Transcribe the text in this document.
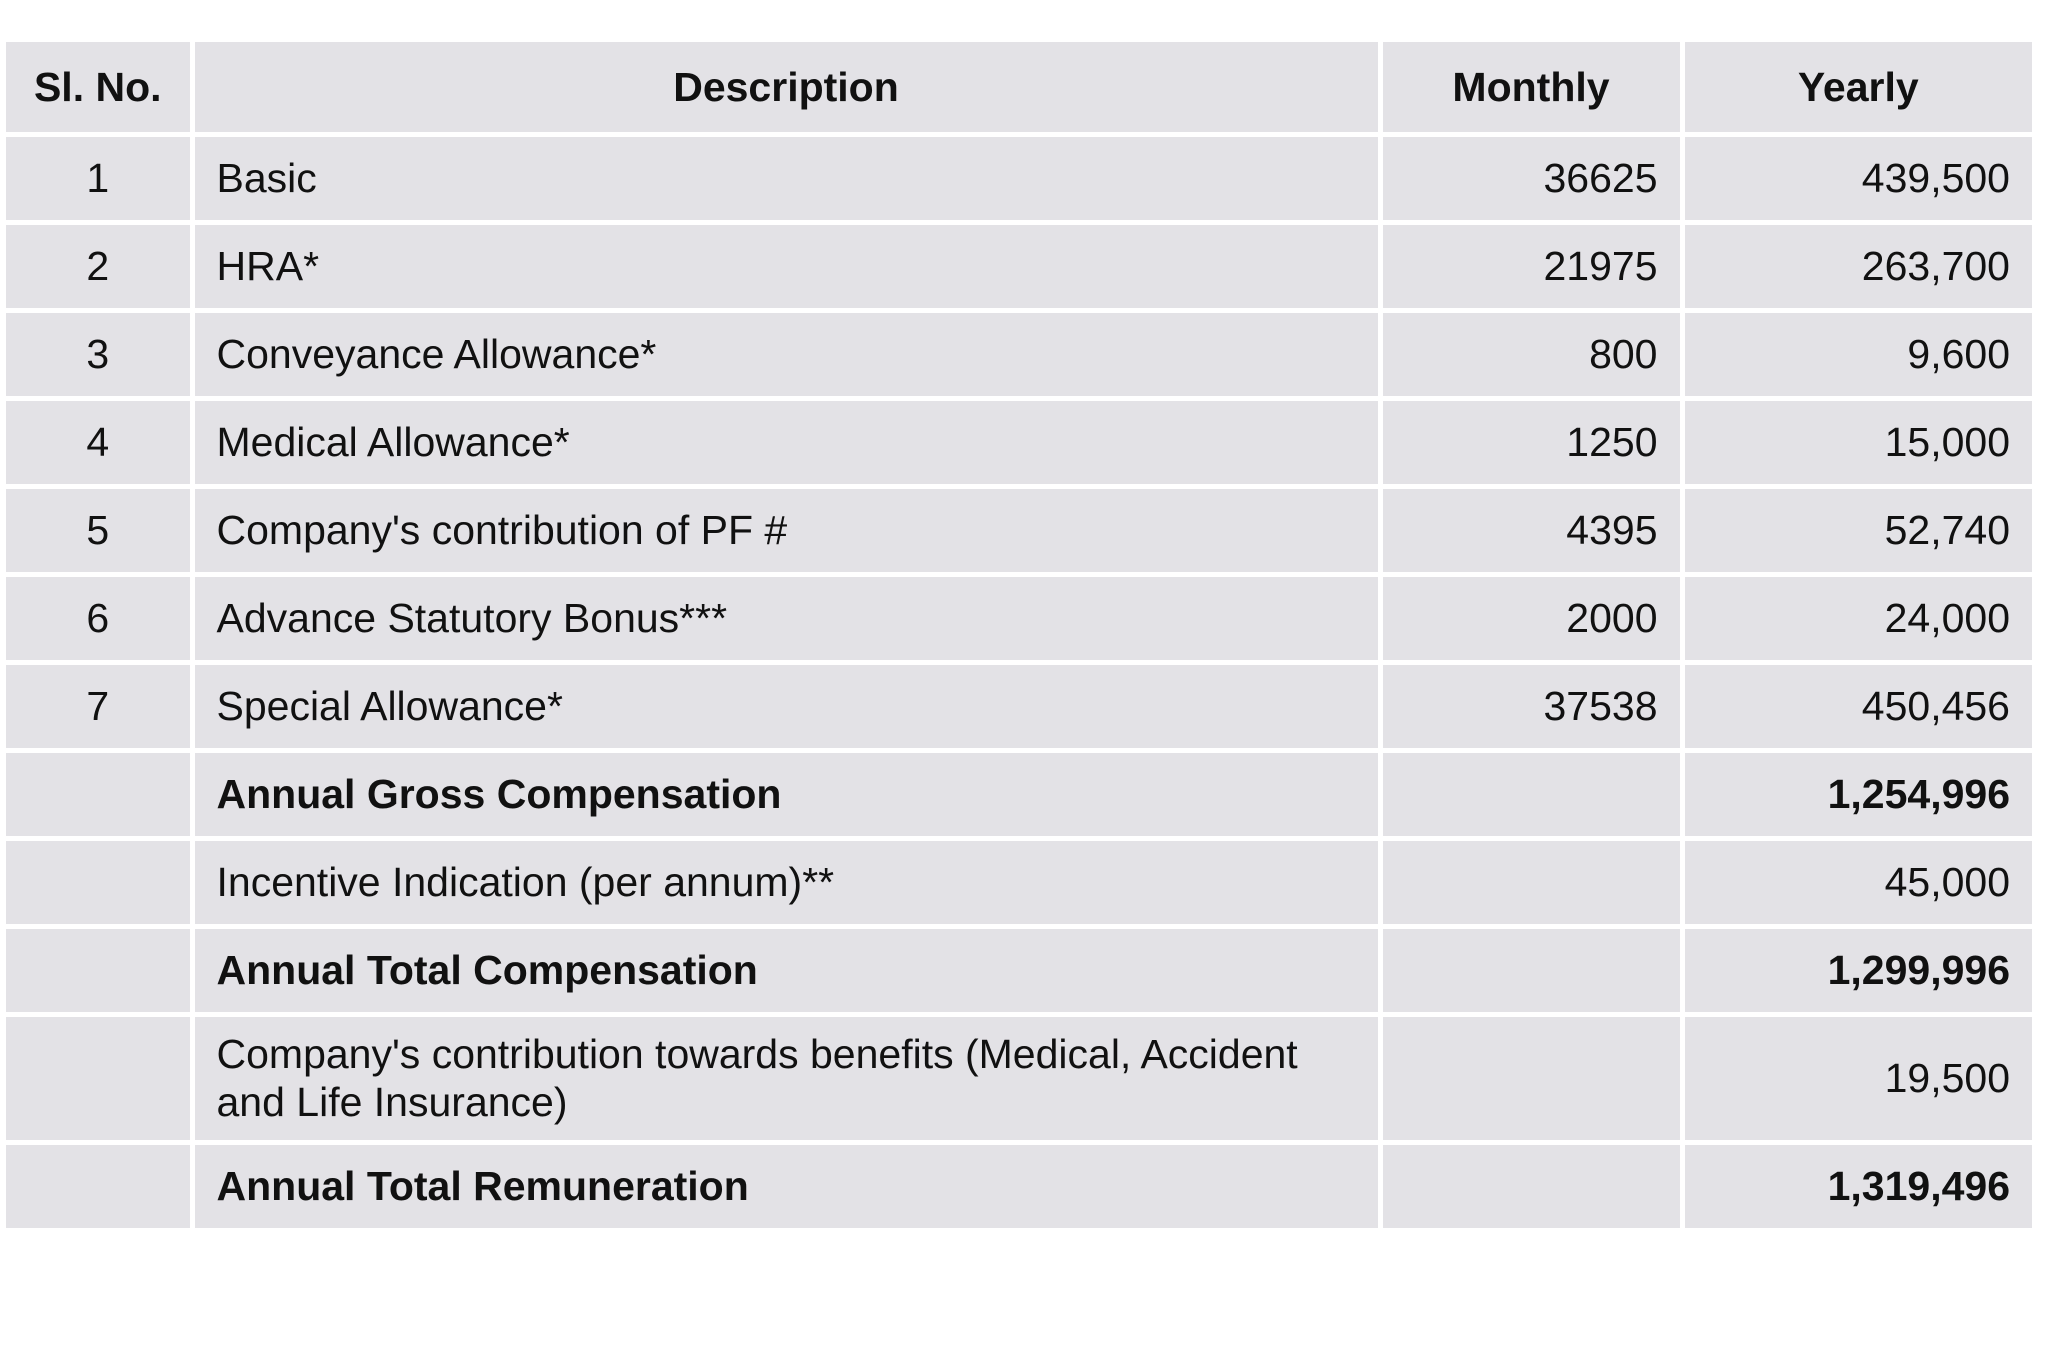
Sl. No.	Description	Monthly	Yearly
1	Basic	36625	439,500
2	HRA*	21975	263,700
3	Conveyance Allowance*	800	9,600
4	Medical Allowance*	1250	15,000
5	Company's contribution of PF #	4395	52,740
6	Advance Statutory Bonus***	2000	24,000
7	Special Allowance*	37538	450,456
	Annual Gross Compensation		1,254,996
	Incentive Indication (per annum)**		45,000
	Annual Total Compensation		1,299,996
	Company's contribution towards benefits (Medical, Accident and Life Insurance)		19,500
	Annual Total Remuneration		1,319,496
